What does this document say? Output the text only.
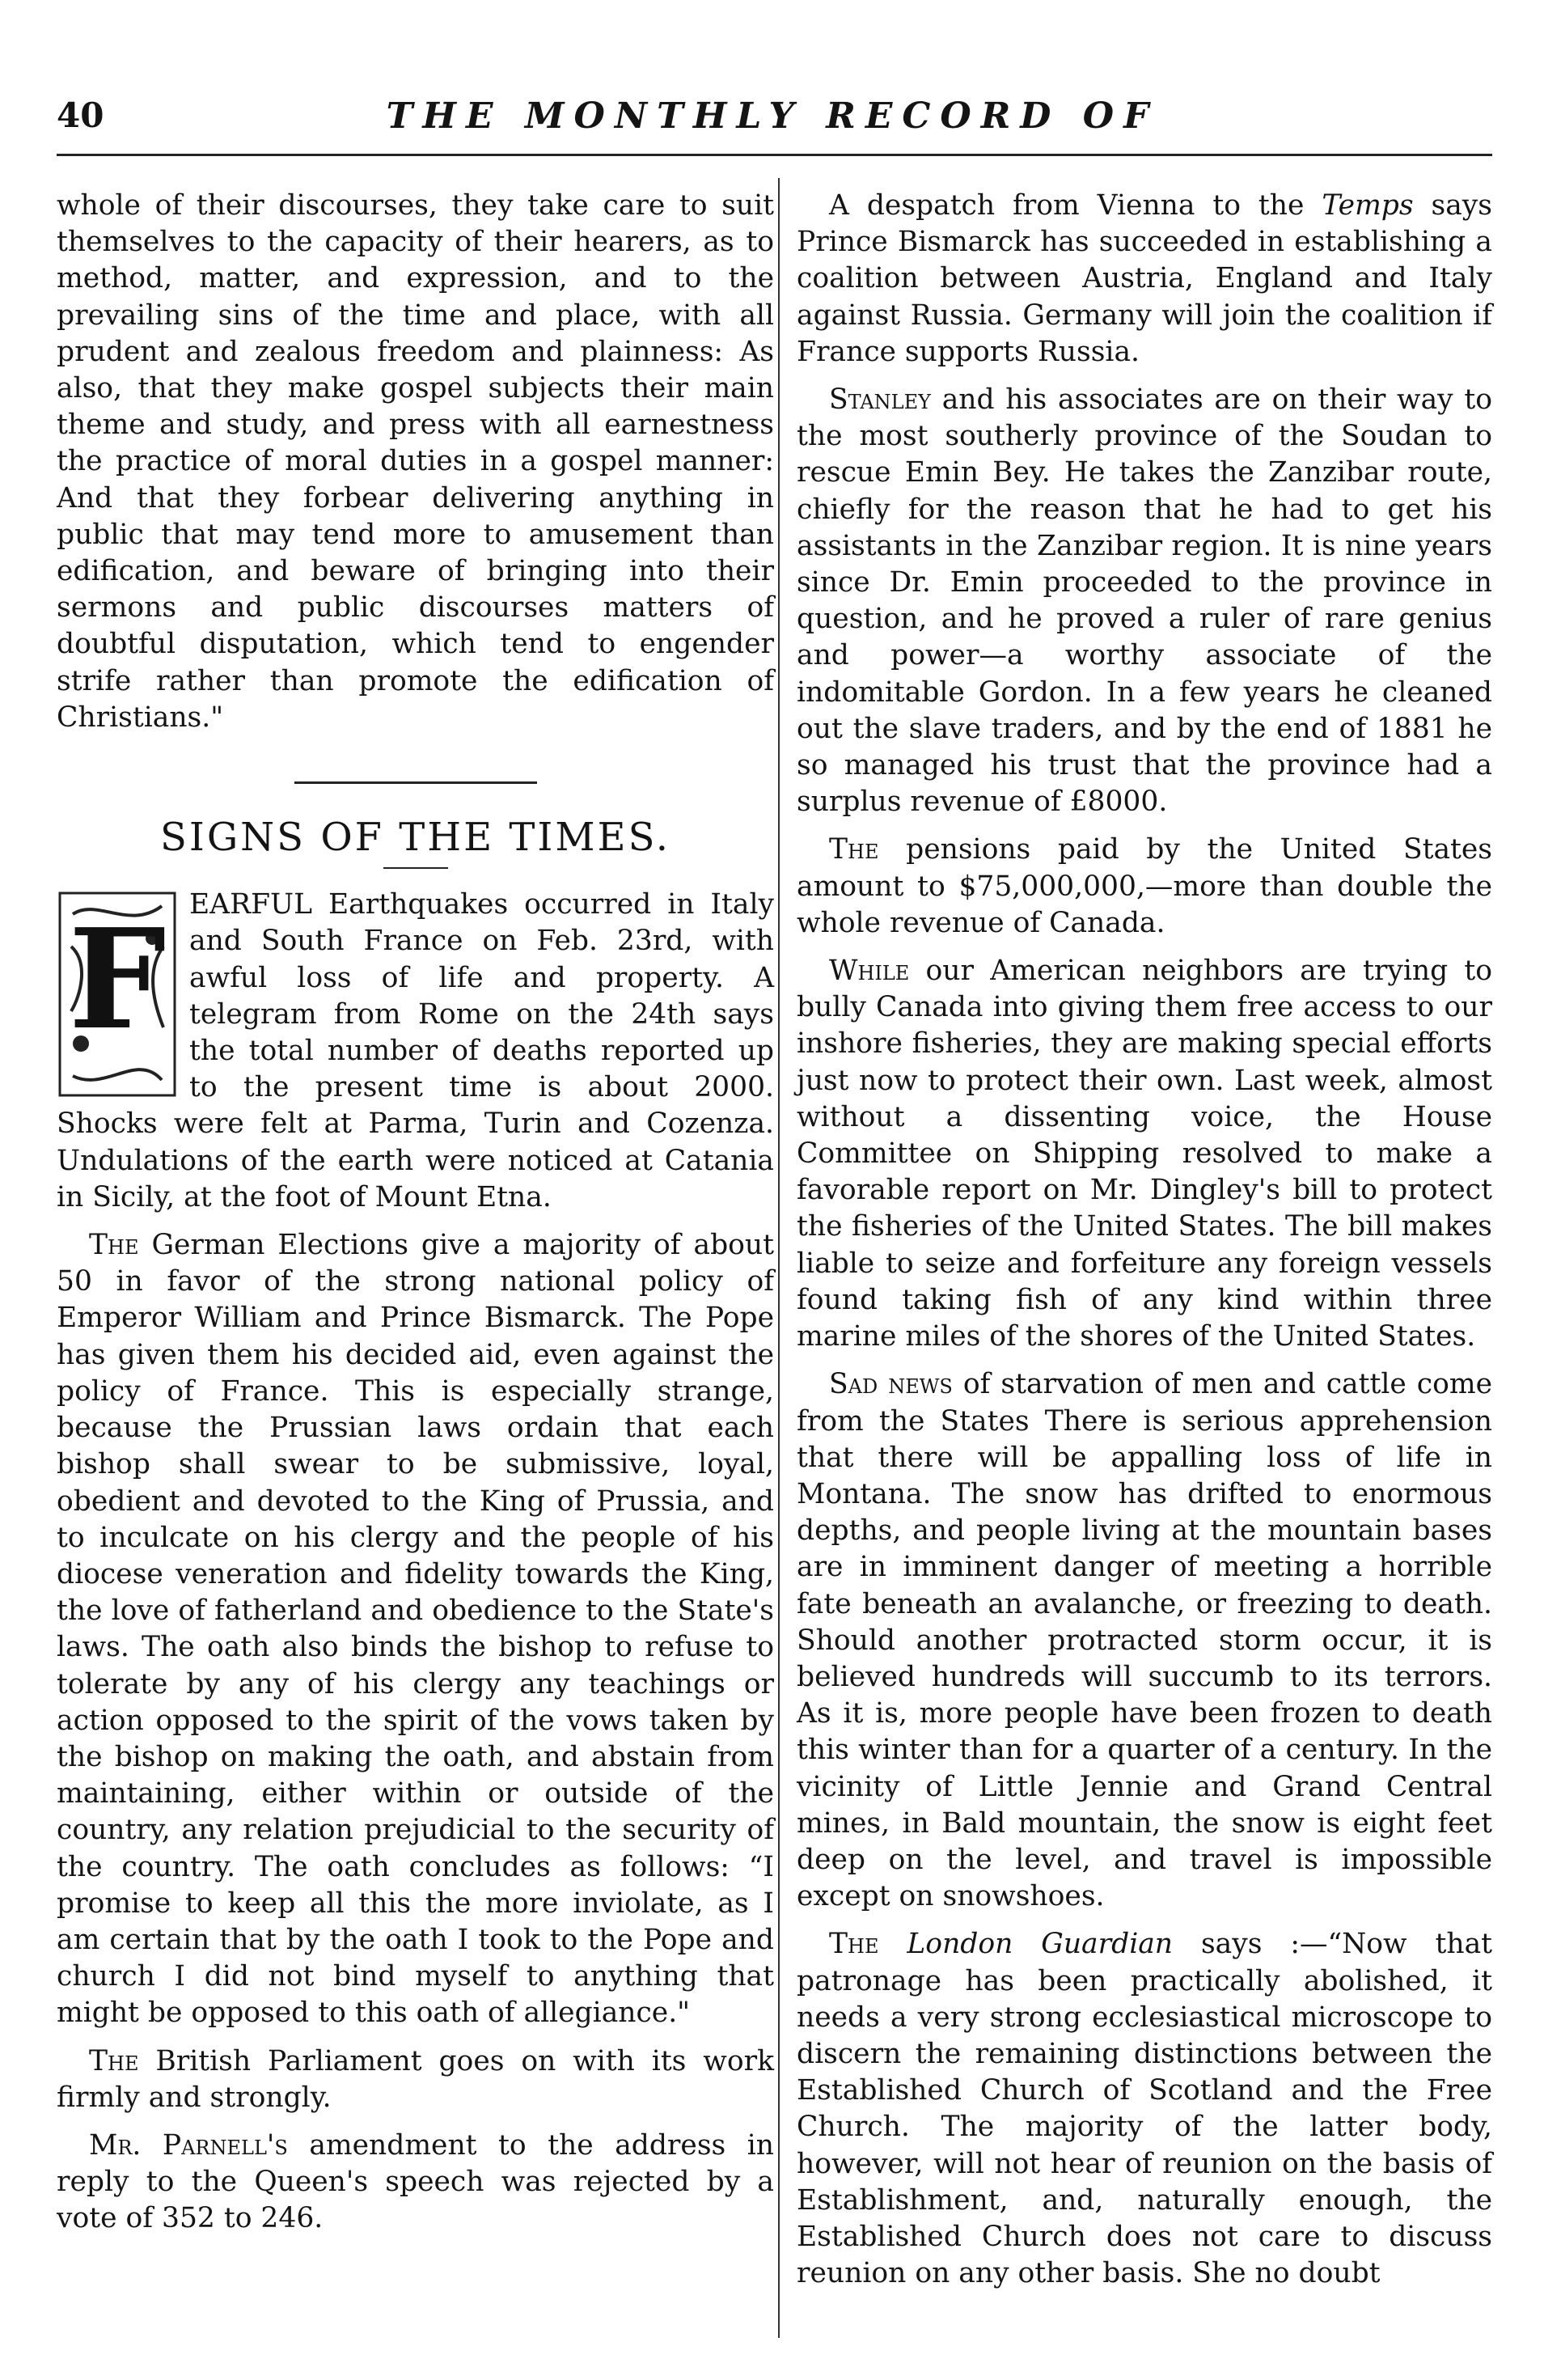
40	THE MONTHLY RECORD OF

whole of their discourses, they take care to suit themselves to the capacity of their hearers, as to method, matter, and expression, and to the prevailing sins of the time and place, with all prudent and zealous freedom and plainness: As also, that they make gospel subjects their main theme and study, and press with all earnestness the practice of moral duties in a gospel manner: And that they forbear delivering anything in public that may tend more to amusement than edification, and beware of bringing into their sermons and public discourses matters of doubtful disputation, which tend to engender strife rather than promote the edification of Christians."

SIGNS OF THE TIMES.

F EARFUL Earthquakes occurred in Italy and South France on Feb. 23rd, with awful loss of life and property. A telegram from Rome on the 24th says the total number of deaths reported up to the present time is about 2000. Shocks were felt at Parma, Turin and Cozenza. Undulations of the earth were noticed at Catania in Sicily, at the foot of Mount Etna.

The German Elections give a majority of about 50 in favor of the strong national policy of Emperor William and Prince Bismarck. The Pope has given them his decided aid, even against the policy of France. This is especially strange, because the Prussian laws ordain that each bishop shall swear to be submissive, loyal, obedient and devoted to the King of Prussia, and to inculcate on his clergy and the people of his diocese veneration and fidelity towards the King, the love of fatherland and obedience to the State's laws. The oath also binds the bishop to refuse to tolerate by any of his clergy any teachings or action opposed to the spirit of the vows taken by the bishop on making the oath, and abstain from maintaining, either within or outside of the country, any relation prejudicial to the security of the country. The oath concludes as follows: “I promise to keep all this the more inviolate, as I am certain that by the oath I took to the Pope and church I did not bind myself to anything that might be opposed to this oath of allegiance."

The British Parliament goes on with its work firmly and strongly.

Mr. Parnell's amendment to the address in reply to the Queen's speech was rejected by a vote of 352 to 246.

A despatch from Vienna to the Temps says Prince Bismarck has succeeded in establishing a coalition between Austria, England and Italy against Russia. Germany will join the coalition if France supports Russia.

Stanley and his associates are on their way to the most southerly province of the Soudan to rescue Emin Bey. He takes the Zanzibar route, chiefly for the reason that he had to get his assistants in the Zanzibar region. It is nine years since Dr. Emin proceeded to the province in question, and he proved a ruler of rare genius and power—a worthy associate of the indomitable Gordon. In a few years he cleaned out the slave traders, and by the end of 1881 he so managed his trust that the province had a surplus revenue of £8000.

The pensions paid by the United States amount to $75,000,000,—more than double the whole revenue of Canada.

While our American neighbors are trying to bully Canada into giving them free access to our inshore fisheries, they are making special efforts just now to protect their own. Last week, almost without a dissenting voice, the House Committee on Shipping resolved to make a favorable report on Mr. Dingley's bill to protect the fisheries of the United States. The bill makes liable to seize and forfeiture any foreign vessels found taking fish of any kind within three marine miles of the shores of the United States.

Sad news of starvation of men and cattle come from the States There is serious apprehension that there will be appalling loss of life in Montana. The snow has drifted to enormous depths, and people living at the mountain bases are in imminent danger of meeting a horrible fate beneath an avalanche, or freezing to death. Should another protracted storm occur, it is believed hundreds will succumb to its terrors. As it is, more people have been frozen to death this winter than for a quarter of a century. In the vicinity of Little Jennie and Grand Central mines, in Bald mountain, the snow is eight feet deep on the level, and travel is impossible except on snowshoes.

The London Guardian says :—“Now that patronage has been practically abolished, it needs a very strong ecclesiastical microscope to discern the remaining distinctions between the Established Church of Scotland and the Free Church. The majority of the latter body, however, will not hear of reunion on the basis of Establishment, and, naturally enough, the Established Church does not care to discuss reunion on any other basis. She no doubt
